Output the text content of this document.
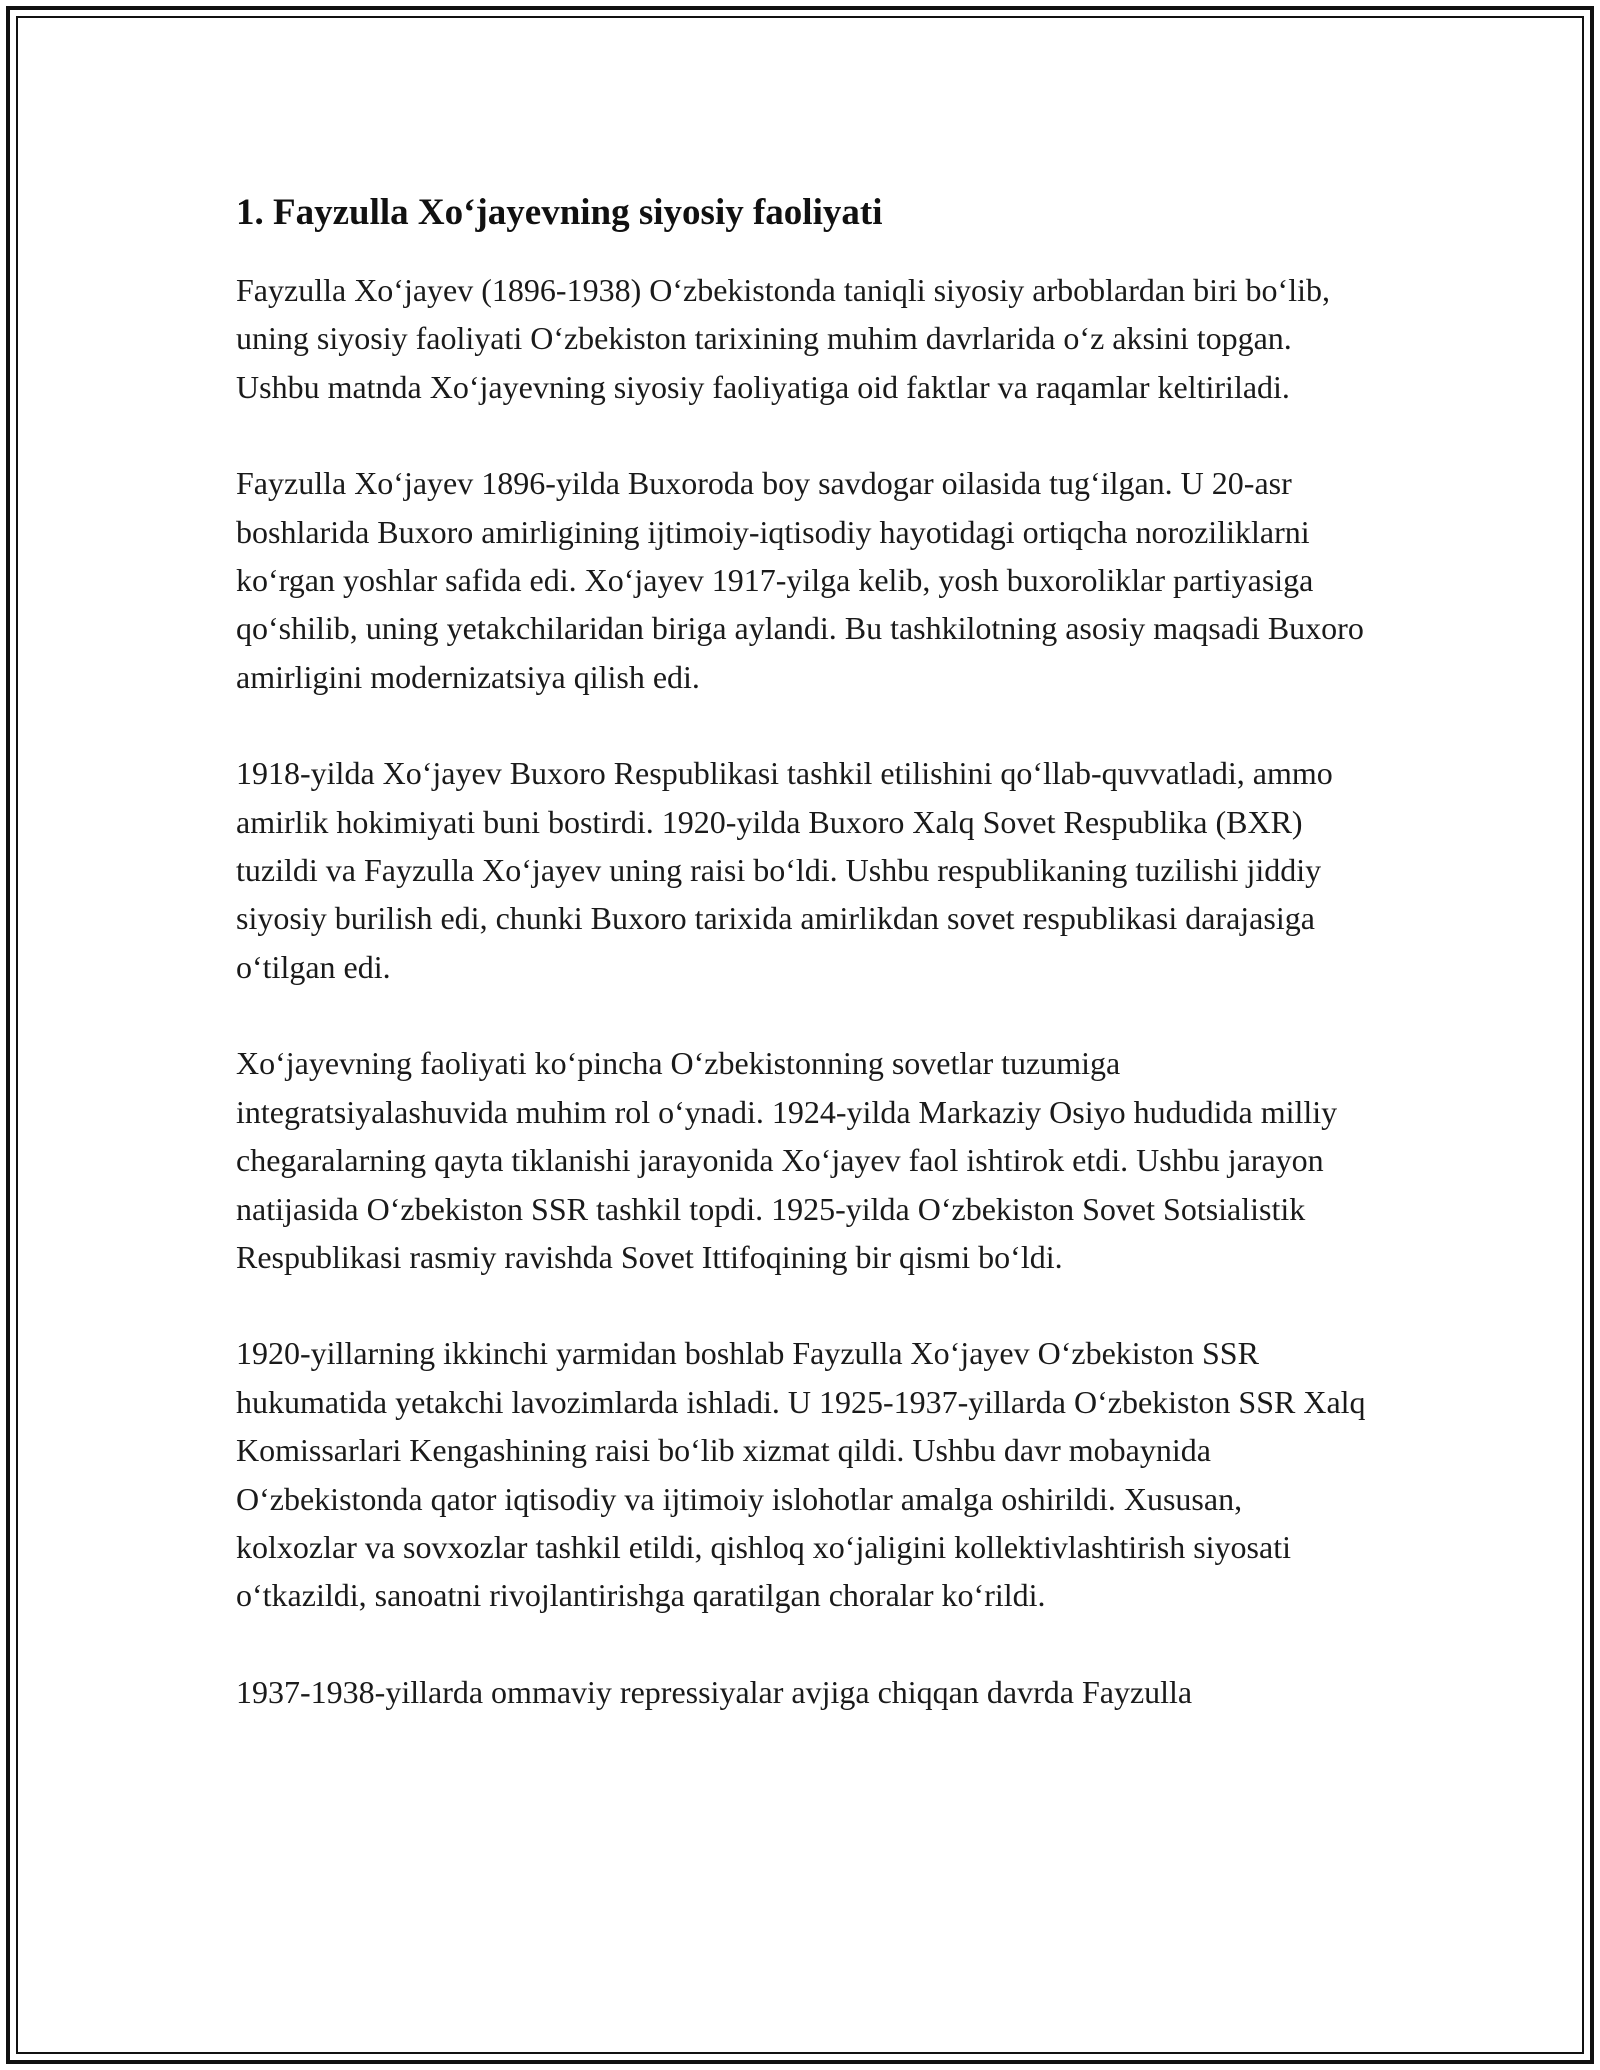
1. Fayzulla Xo‘jayevning siyosiy faoliyati

Fayzulla Xo‘jayev (1896-1938) O‘zbekistonda taniqli siyosiy arboblardan biri bo‘lib, uning siyosiy faoliyati O‘zbekiston tarixining muhim davrlarida o‘z aksini topgan. Ushbu matnda Xo‘jayevning siyosiy faoliyatiga oid faktlar va raqamlar keltiriladi.

Fayzulla Xo‘jayev 1896-yilda Buxoroda boy savdogar oilasida tug‘ilgan. U 20-asr boshlarida Buxoro amirligining ijtimoiy-iqtisodiy hayotidagi ortiqcha noroziliklarni ko‘rgan yoshlar safida edi. Xo‘jayev 1917-yilga kelib, yosh buxoroliklar partiyasiga qo‘shilib, uning yetakchilaridan biriga aylandi. Bu tashkilotning asosiy maqsadi Buxoro amirligini modernizatsiya qilish edi.

1918-yilda Xo‘jayev Buxoro Respublikasi tashkil etilishini qo‘llab-quvvatladi, ammo amirlik hokimiyati buni bostirdi. 1920-yilda Buxoro Xalq Sovet Respublika (BXR) tuzildi va Fayzulla Xo‘jayev uning raisi bo‘ldi. Ushbu respublikaning tuzilishi jiddiy siyosiy burilish edi, chunki Buxoro tarixida amirlikdan sovet respublikasi darajasiga o‘tilgan edi.

Xo‘jayevning faoliyati ko‘pincha O‘zbekistonning sovetlar tuzumiga integratsiyalashuvida muhim rol o‘ynadi. 1924-yilda Markaziy Osiyo hududida milliy chegaralarning qayta tiklanishi jarayonida Xo‘jayev faol ishtirok etdi. Ushbu jarayon natijasida O‘zbekiston SSR tashkil topdi. 1925-yilda O‘zbekiston Sovet Sotsialistik Respublikasi rasmiy ravishda Sovet Ittifoqining bir qismi bo‘ldi.

1920-yillarning ikkinchi yarmidan boshlab Fayzulla Xo‘jayev O‘zbekiston SSR hukumatida yetakchi lavozimlarda ishladi. U 1925-1937-yillarda O‘zbekiston SSR Xalq Komissarlari Kengashining raisi bo‘lib xizmat qildi. Ushbu davr mobaynida O‘zbekistonda qator iqtisodiy va ijtimoiy islohotlar amalga oshirildi. Xususan, kolxozlar va sovxozlar tashkil etildi, qishloq xo‘jaligini kollektivlashtirish siyosati o‘tkazildi, sanoatni rivojlantirishga qaratilgan choralar ko‘rildi.

1937-1938-yillarda ommaviy repressiyalar avjiga chiqqan davrda Fayzulla
